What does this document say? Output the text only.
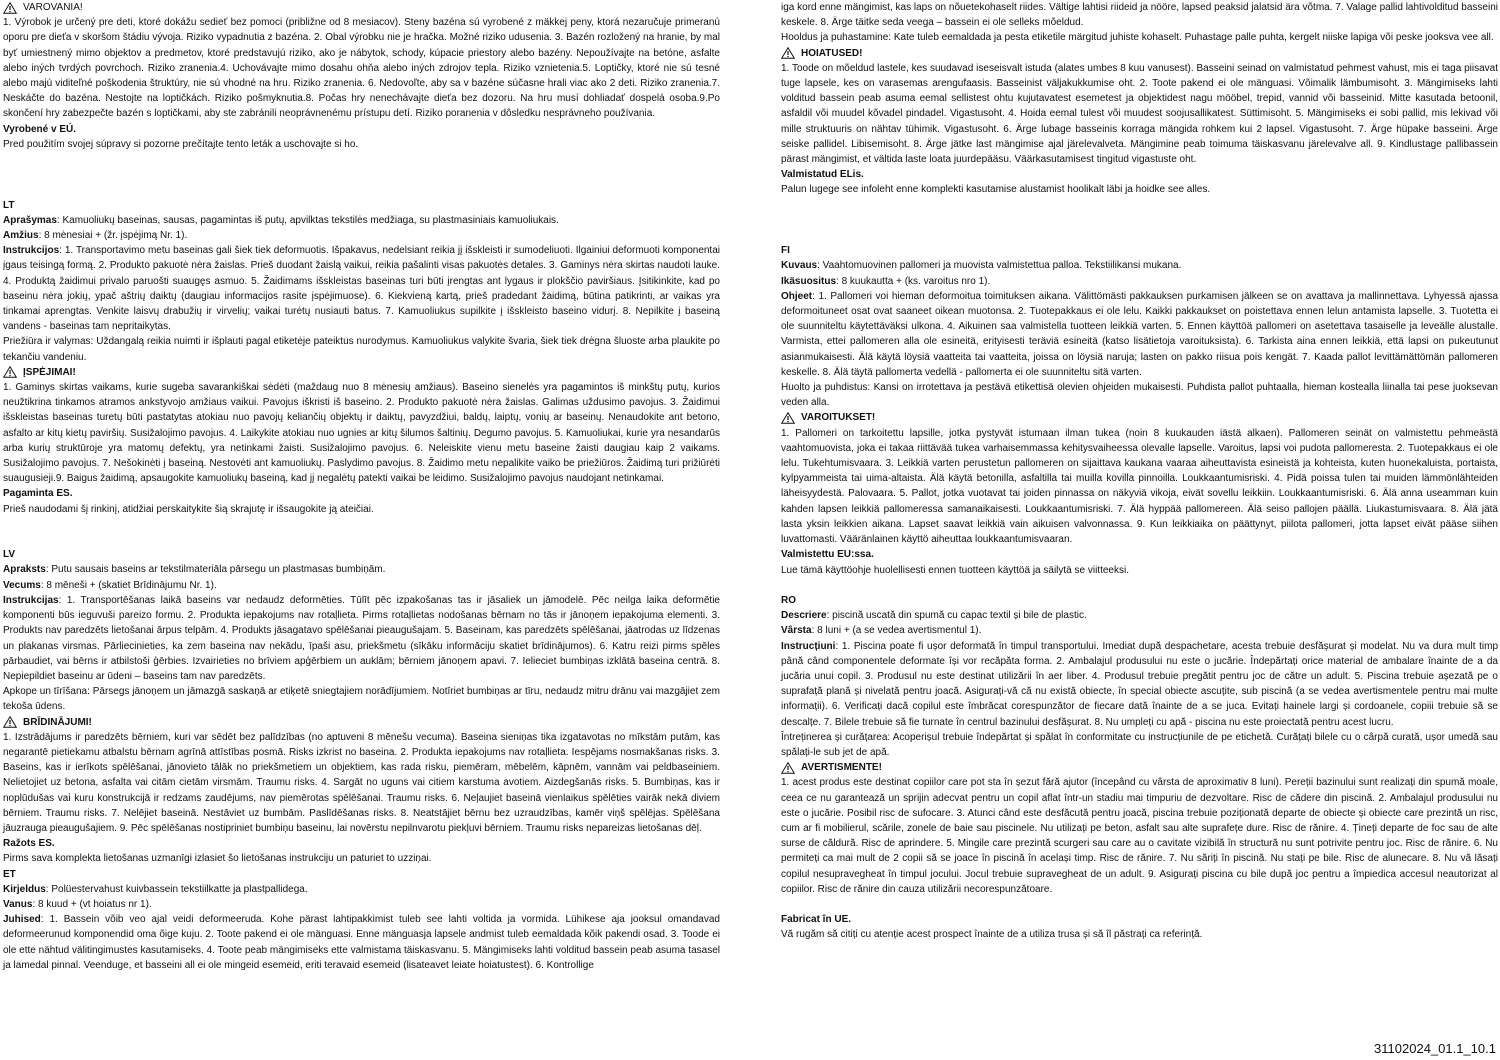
VAROVANIA!

1. Výrobok je určený pre deti, ktoré dokážu sedieť bez pomoci (približne od 8 mesiacov). Steny bazéna sú vyrobené z mäkkej peny, ktorá nezaručuje primeranú oporu pre dieťa v skoršom štádiu vývoja. Riziko vypadnutia z bazéna. 2. Obal výrobku nie je hračka. Možné riziko udusenia. 3. Bazén rozložený na hranie, by mal byť umiestnený mimo objektov a predmetov, ktoré predstavujú riziko, ako je nábytok, schody, kúpacie priestory alebo bazény. Nepoužívajte na betóne, asfalte alebo iných tvrdých povrchoch. Riziko zranenia.4. Uchovávajte mimo dosahu ohňa alebo iných zdrojov tepla. Riziko vznietenia.5. Loptičky, ktoré nie sú tesné alebo majú viditeľné poškodenia štruktúry, nie sú vhodné na hru. Riziko zranenia. 6. Nedovoľte, aby sa v bazéne súčasne hrali viac ako 2 deti. Riziko zranenia.7. Neskáčte do bazéna. Nestojte na loptičkách. Riziko pošmyknutia.8. Počas hry nenechávajte dieťa bez dozoru. Na hru musí dohliadať dospelá osoba.9.Po skončení hry zabezpečte bazén s loptičkami, aby ste zabránili neoprávnenému prístupu detí. Riziko poranenia v dôsledku nesprávneho používania.

Vyrobené v EÚ.

Pred použitím svojej súpravy si pozorne prečítajte tento leták a uschovajte si ho.

LT

Aprašymas: Kamuoliukų baseinas, sausas, pagamintas iš putų, apvilktas tekstilės medžiaga, su plastmasiniais kamuoliukais.

Amžius: 8 mėnesiai + (žr. įspėjimą Nr. 1).

Instrukcijos: 1. Transportavimo metu baseinas gali šiek tiek deformuotis. Išpakavus, nedelsiant reikia jį išskleisti ir sumodeliuoti. Ilgainiui deformuoti komponentai įgaus teisingą formą. 2. Produkto pakuotė nėra žaislas. Prieš duodant žaislą vaikui, reikia pašalinti visas pakuotės detales. 3. Gaminys nėra skirtas naudoti lauke. 4. Produktą žaidimui privalo paruošti suaugęs asmuo. 5. Žaidimams išskleistas baseinas turi būti įrengtas ant lygaus ir plokščio paviršiaus. Įsitikinkite, kad po baseinu nėra jokių, ypač aštrių daiktų (daugiau informacijos rasite įspėjimuose). 6. Kiekvieną kartą, prieš pradedant žaidimą, būtina patikrinti, ar vaikas yra tinkamai aprengtas. Venkite laisvų drabužių ir virvelių; vaikai turėtų nusiauti batus. 7. Kamuoliukus supilkite į išskleisto baseino vidurį. 8. Nepilkite į baseiną vandens - baseinas tam nepritaikytas.

Priežiūra ir valymas: Uždangalą reikia nuimti ir išplauti pagal etiketėje pateiktus nurodymus. Kamuoliukus valykite švaria, šiek tiek drėgna šluoste arba plaukite po tekančiu vandeniu.

ĮSPĖJIMAI!

1. Gaminys skirtas vaikams, kurie sugeba savarankiškai sėdėti (maždaug nuo 8 mėnesių amžiaus). Baseino sienelės yra pagamintos iš minkštų putų, kurios neužtikrina tinkamos atramos ankstyvojo amžiaus vaikui. Pavojus iškristi iš baseino. 2. Produkto pakuotė nėra žaislas. Galimas uždusimo pavojus. 3. Žaidimui išskleistas baseinas turetų būti pastatytas atokiau nuo pavojų keliančių objektų ir daiktų, pavyzdžiui, baldų, laiptų, vonių ar baseinų. Nenaudokite ant betono, asfalto ar kitų kietų paviršių. Susižalojimo pavojus. 4. Laikykite atokiau nuo ugnies ar kitų šilumos šaltinių. Degumo pavojus. 5. Kamuoliukai, kurie yra nesandarūs arba kurių struktūroje yra matomų defektų, yra netinkami žaisti. Susižalojimo pavojus. 6. Neleiskite vienu metu baseine žaisti daugiau kaip 2 vaikams. Susižalojimo pavojus. 7. Nešokinėti į baseiną. Nestovėti ant kamuoliukų. Paslydimo pavojus. 8. Žaidimo metu nepalikite vaiko be priežiūros. Žaidimą turi prižiūrėti suaugusieji.9. Baigus žaidimą, apsaugokite kamuoliukų baseiną, kad jį negalėtų patekti vaikai be leidimo. Susižalojimo pavojus naudojant netinkamai.

Pagaminta ES.

Prieš naudodami šį rinkinį, atidžiai perskaitykite šią skrajutę ir išsaugokite ją ateičiai.

LV

Apraksts: Putu sausais baseins ar tekstilmateriāla pārsegu un plastmasas bumbiņām.

Vecums: 8 mēneši + (skatiet Brīdinājumu Nr. 1).

Instrukcijas: 1. Transportēšanas laikā baseins var nedaudz deformēties. Tūlīt pēc izpakošanas tas ir jāsaliek un jāmodelē. Pēc neilga laika deformētie komponenti būs ieguvuši pareizo formu. 2. Produkta iepakojums nav rotaļlieta. Pirms rotaļlietas nodošanas bērnam no tās ir jānoņem iepakojuma elementi. 3. Produkts nav paredzēts lietošanai ārpus telpām. 4. Produkts jāsagatavo spēlēšanai pieaugušajam. 5. Baseinam, kas paredzēts spēlēšanai, jāatrodas uz līdzenas un plakanas virsmas. Pārliecinieties, ka zem baseina nav nekādu, īpaši asu, priekšmetu (sīkāku informāciju skatiet brīdinājumos). 6. Katru reizi pirms spēles pārbaudiet, vai bērns ir atbilstoši ģērbies. Izvairieties no brīviem apģērbiem un auklām; bērniem jānoņem apavi. 7. Ielieciet bumbiņas izklātā baseina centrā. 8. Nepiepildiet baseinu ar ūdeni – baseins tam nav paredzēts.

Apkope un tīrīšana: Pārsegs jānoņem un jāmazgā saskaņā ar etiķetē sniegtajiem norādījumiem. Notīriet bumbiņas ar tīru, nedaudz mitru drānu vai mazgājiet zem tekoša ūdens.

BRĪDINĀJUMI!

1. Izstrādājums ir paredzēts bērniem, kuri var sēdēt bez palīdzības (no aptuveni 8 mēnešu vecuma). Baseina sieniņas tika izgatavotas no mīkstām putām, kas negarantē pietiekamu atbalstu bērnam agrīnā attīstības posmā. Risks izkrist no baseina. 2. Produkta iepakojums nav rotaļlieta. Iespējams nosmakšanas risks. 3. Baseins, kas ir ierīkots spēlēšanai, jānovieto tālāk no priekšmetiem un objektiem, kas rada risku, piemēram, mēbelēm, kāpnēm, vannām vai peldbaseiniem. Nelietojiet uz betona, asfalta vai citām cietām virsmām. Traumu risks. 4. Sargāt no uguns vai citiem karstuma avotiem. Aizdegšanās risks. 5. Bumbiņas, kas ir noplūdušas vai kuru konstrukcijā ir redzams zaudējums, nav piemērotas spēlēšanai. Traumu risks. 6. Neļaujiet baseinā vienlaikus spēlēties vairāk nekā diviem bērniem. Traumu risks. 7. Nelējiet baseinā. Nestāviet uz bumbām. Paslīdēšanas risks. 8. Neatstājiet bērnu bez uzraudzības, kamēr viņš spēlējas. Spēlēšana jāuzrauga pieaugušajiem. 9. Pēc spēlēšanas nostipriniet bumbiņu baseinu, lai novērstu nepilnvarotu piekļuvi bērniem. Traumu risks nepareizas lietošanas dēļ.

Ražots ES.

Pirms sava komplekta lietošanas uzmanīgi izlasiet šo lietošanas instrukciju un paturiet to uzziņai.

ET

Kirjeldus: Polüestervahust kuivbassein tekstiilkatte ja plastpallidega.

Vanus: 8 kuud + (vt hoiatus nr 1).

Juhised: 1. Bassein võib veo ajal veidi deformeeruda. Kohe pärast lahtipakkimist tuleb see lahti voltida ja vormida. Lühikese aja jooksul omandavad deformeerunud komponendid oma õige kuju. 2. Toote pakend ei ole mänguasi. Enne mänguasja lapsele andmist tuleb eemaldada kõik pakendi osad. 3. Toode ei ole ette nähtud välitingimustes kasutamiseks. 4. Toote peab mängimiseks ette valmistama täiskasvanu. 5. Mängimiseks lahti volditud bassein peab asuma tasasel ja lamedal pinnal. Veenduge, et basseini all ei ole mingeid esemeid, eriti teravaid esemeid (lisateavet leiate hoiatustest). 6. Kontrollige

iga kord enne mängimist, kas laps on nõuetekohaselt riides. Vältige lahtisi riideid ja nööre, lapsed peaksid jalatsid ära võtma. 7. Valage pallid lahtivolditud basseini keskele. 8. Ärge täitke seda veega – bassein ei ole selleks mõeldud.

Hooldus ja puhastamine: Kate tuleb eemaldada ja pesta etiketile märgitud juhiste kohaselt. Puhastage palle puhta, kergelt niiske lapiga või peske jooksva vee all.

HOIATUSED!

1. Toode on mõeldud lastele, kes suudavad iseseisvalt istuda (alates umbes 8 kuu vanusest). Basseini seinad on valmistatud pehmest vahust, mis ei taga piisavat tuge lapsele, kes on varasemas arengufaasis. Basseinist väljakukkumise oht. 2. Toote pakend ei ole mänguasi. Võimalik lämbumisoht. 3. Mängimiseks lahti volditud bassein peab asuma eemal sellistest ohtu kujutavatest esemetest ja objektidest nagu mööbel, trepid, vannid või basseinid. Mitte kasutada betoonil, asfaldil või muudel kõvadel pindadel. Vigastusoht. 4. Hoida eemal tulest või muudest soojusallikatest. Süttimisoht. 5. Mängimiseks ei sobi pallid, mis lekivad või mille struktuuris on nähtav tühimik. Vigastusoht. 6. Ärge lubage basseinis korraga mängida rohkem kui 2 lapsel. Vigastusoht. 7. Ärge hüpake basseini. Ärge seiske pallidel. Libisemisoht. 8. Ärge jätke last mängimise ajal järelevalveta. Mängimine peab toimuma täiskasvanu järelevalve all. 9. Kindlustage pallibassein pärast mängimist, et vältida laste loata juurdepääsu. Väärkasutamisest tingitud vigastuste oht.

Valmistatud ELis.

Palun lugege see infoleht enne komplekti kasutamise alustamist hoolikalt läbi ja hoidke see alles.

FI

Kuvaus: Vaahtomuovinen pallomeri ja muovista valmistettua palloa. Tekstiilikansi mukana.

Ikäsuositus: 8 kuukautta + (ks. varoitus nro 1).

Ohjeet: 1. Pallomeri voi hieman deformoitua toimituksen aikana. Välittömästi pakkauksen purkamisen jälkeen se on avattava ja mallinnettava. Lyhyessä ajassa deformoituneet osat ovat saaneet oikean muotonsa. 2. Tuotepakkaus ei ole lelu. Kaikki pakkaukset on poistettava ennen lelun antamista lapselle. 3. Tuotetta ei ole suunniteltu käytettäväksi ulkona. 4. Aikuinen saa valmistella tuotteen leikkiä varten. 5. Ennen käyttöä pallomeri on asetettava tasaiselle ja leveälle alustalle. Varmista, ettei pallomeren alla ole esineitä, erityisesti teräviä esineitä (katso lisätietoja varoituksista). 6. Tarkista aina ennen leikkiä, että lapsi on pukeutunut asianmukaisesti. Älä käytä löysiä vaatteita tai vaatteita, joissa on löysiä naruja; lasten on pakko riisua pois kengät. 7. Kaada pallot levittämättömän pallomeren keskelle. 8. Älä täytä pallomerta vedellä - pallomerta ei ole suunniteltu sitä varten.

Huolto ja puhdistus: Kansi on irrotettava ja pestävä etikettisä olevien ohjeiden mukaisesti. Puhdista pallot puhtaalla, hieman kostealla liinalla tai pese juoksevan veden alla.

VAROITUKSET!

1. Pallomeri on tarkoitettu lapsille, jotka pystyvät istumaan ilman tukea (noin 8 kuukauden iästä alkaen). Pallomeren seinät on valmistettu pehmeästä vaahtomuovista, joka ei takaa riittävää tukea varhaisemmassa kehitysvaiheessa olevalle lapselle. Varoitus, lapsi voi pudota pallomeresta. 2. Tuotepakkaus ei ole lelu. Tukehtumisvaara. 3. Leikkiä varten perustetun pallomeren on sijaittava kaukana vaaraa aiheuttavista esineistä ja kohteista, kuten huonekaluista, portaista, kylpyammeista tai uima-altaista. Älä käytä betonilla, asfaltilla tai muilla kovilla pinnoilla. Loukkaantumisriski. 4. Pidä poissa tulen tai muiden lämmönlähteiden läheisyydestä. Palovaara. 5. Pallot, jotka vuotavat tai joiden pinnassa on näkyviä vikoja, eivät sovellu leikkiin. Loukkaantumisriski. 6. Älä anna useamman kuin kahden lapsen leikkiä pallomeressa samanaikaisesti. Loukkaantumisriski. 7. Älä hyppää pallomereen. Älä seiso pallojen päällä. Liukastumisvaara. 8. Älä jätä lasta yksin leikkien aikana. Lapset saavat leikkiä vain aikuisen valvonnassa. 9. Kun leikkiaika on päättynyt, piilota pallomeri, jotta lapset eivät pääse siihen luvattomasti. Vääränlainen käyttö aiheuttaa loukkaantumisvaaran.

Valmistettu EU:ssa.

Lue tämä käyttöohje huolellisesti ennen tuotteen käyttöä ja säilytä se viitteeksi.

RO

Descriere: piscină uscată din spumă cu capac textil și bile de plastic.

Vârsta: 8 luni + (a se vedea avertismentul 1).

Instrucțiuni: 1. Piscina poate fi ușor deformată în timpul transportului. Imediat după despachetare, acesta trebuie desfășurat și modelat. Nu va dura mult timp până când componentele deformate își vor recăpăta forma. 2. Ambalajul produsului nu este o jucărie. Îndepărtați orice material de ambalare înainte de a da jucăria unui copil. 3. Produsul nu este destinat utilizării în aer liber. 4. Produsul trebuie pregătit pentru joc de către un adult. 5. Piscina trebuie așezată pe o suprafață plană și nivelată pentru joacă. Asigurați-vă că nu există obiecte, în special obiecte ascuțite, sub piscină (a se vedea avertismentele pentru mai multe informații). 6. Verificați dacă copilul este îmbrăcat corespunzător de fiecare dată înainte de a se juca. Evitați hainele largi și cordoanele, copiii trebuie să se descalțe. 7. Bilele trebuie să fie turnate în centrul bazinului desfășurat. 8. Nu umpleți cu apă - piscina nu este proiectată pentru acest lucru.

Întreținerea și curățarea: Acoperișul trebuie îndepărtat și spălat în conformitate cu instrucțiunile de pe etichetă. Curățați bilele cu o cârpă curată, ușor umedă sau spălați-le sub jet de apă.

AVERTISMENTE!

1. acest produs este destinat copiilor care pot sta în șezut fără ajutor (începând cu vârsta de aproximativ 8 luni). Pereții bazinului sunt realizați din spumă moale, ceea ce nu garantează un sprijin adecvat pentru un copil aflat într-un stadiu mai timpuriu de dezvoltare. Risc de cădere din piscină. 2. Ambalajul produsului nu este o jucărie. Posibil risc de sufocare. 3. Atunci când este desfăcută pentru joacă, piscina trebuie poziționată departe de obiecte și obiecte care prezintă un risc, cum ar fi mobilierul, scările, zonele de baie sau piscinele. Nu utilizați pe beton, asfalt sau alte suprafețe dure. Risc de rănire. 4. Țineți departe de foc sau de alte surse de căldură. Risc de aprindere. 5. Mingile care prezintă scurgeri sau care au o cavitate vizibilă în structură nu sunt potrivite pentru joc. Risc de rănire. 6. Nu permiteți ca mai mult de 2 copii să se joace în piscină în același timp. Risc de rănire. 7. Nu săriți în piscină. Nu stați pe bile. Risc de alunecare. 8. Nu vă lăsați copilul nesupravegheat în timpul jocului. Jocul trebuie supravegheat de un adult. 9. Asigurați piscina cu bile după joc pentru a împiedica accesul neautorizat al copiilor. Risc de rănire din cauza utilizării necorespunzătoare.

Fabricat în UE.

Vă rugăm să citiți cu atenție acest prospect înainte de a utiliza trusa și să îl păstrați ca referință.

31102024_01.1_10.1
